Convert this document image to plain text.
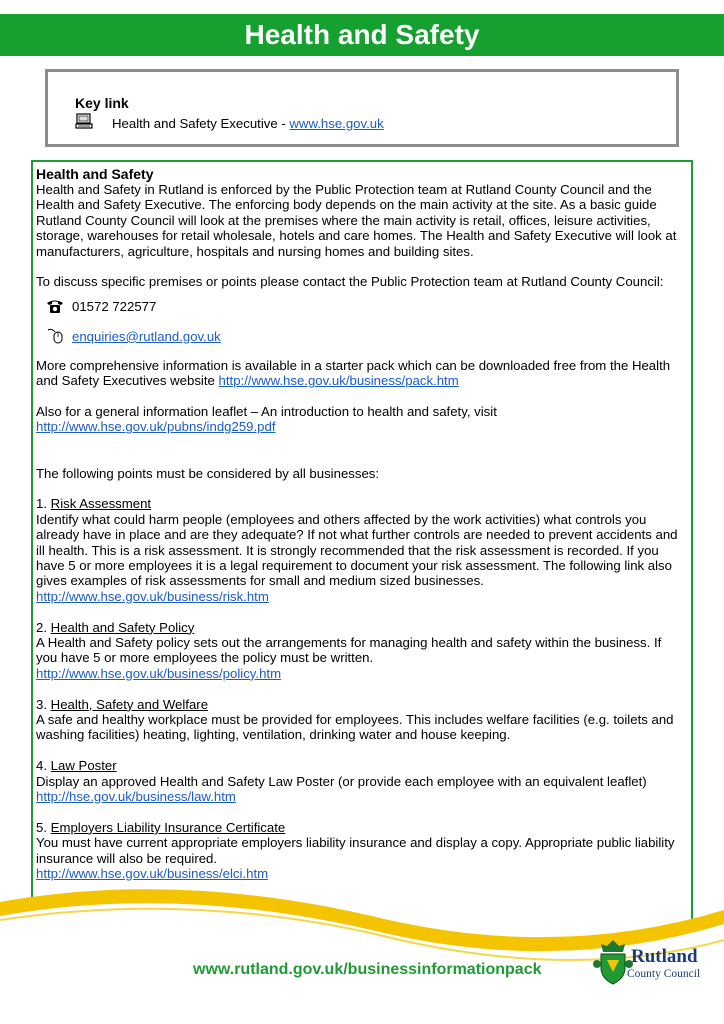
Health and Safety
Key link
Health and Safety Executive - www.hse.gov.uk

Health and Safety

Health and Safety in Rutland is enforced by the Public Protection team at Rutland County Council and the Health and Safety Executive. The enforcing body depends on the main activity at the site. As a basic guide Rutland County Council will look at the premises where the main activity is retail, offices, leisure activities, storage, warehouses for retail wholesale, hotels and care homes. The Health and Safety Executive will look at manufacturers, agriculture, hospitals and nursing homes and building sites.

To discuss specific premises or points please contact the Public Protection team at Rutland County Council:

01572 722577
enquiries@rutland.gov.uk

More comprehensive information is available in a starter pack which can be downloaded free from the Health and Safety Executives website http://www.hse.gov.uk/business/pack.htm

Also for a general information leaflet – An introduction to health and safety, visit

http://www.hse.gov.uk/pubns/indg259.pdf

The following points must be considered by all businesses:

1. Risk Assessment

Identify what could harm people (employees and others affected by the work activities) what controls you already have in place and are they adequate? If not what further controls are needed to prevent accidents and ill health. This is a risk assessment. It is strongly recommended that the risk assessment is recorded. If you have 5 or more employees it is a legal requirement to document your risk assessment. The following link also gives examples of risk assessments for small and medium sized businesses.

http://www.hse.gov.uk/business/risk.htm

2. Health and Safety Policy

A Health and Safety policy sets out the arrangements for managing health and safety within the business. If you have 5 or more employees the policy must be written.

http://www.hse.gov.uk/business/policy.htm

3. Health, Safety and Welfare

A safe and healthy workplace must be provided for employees. This includes welfare facilities (e.g. toilets and washing facilities) heating, lighting, ventilation, drinking water and house keeping.

4. Law Poster

Display an approved Health and Safety Law Poster (or provide each employee with an equivalent leaflet)

http://hse.gov.uk/business/law.htm

5. Employers Liability Insurance Certificate

You must have current appropriate employers liability insurance and display a copy. Appropriate public liability insurance will also be required.

http://www.hse.gov.uk/business/elci.htm

www.rutland.gov.uk/businessinformationpack
Rutland
County Council
